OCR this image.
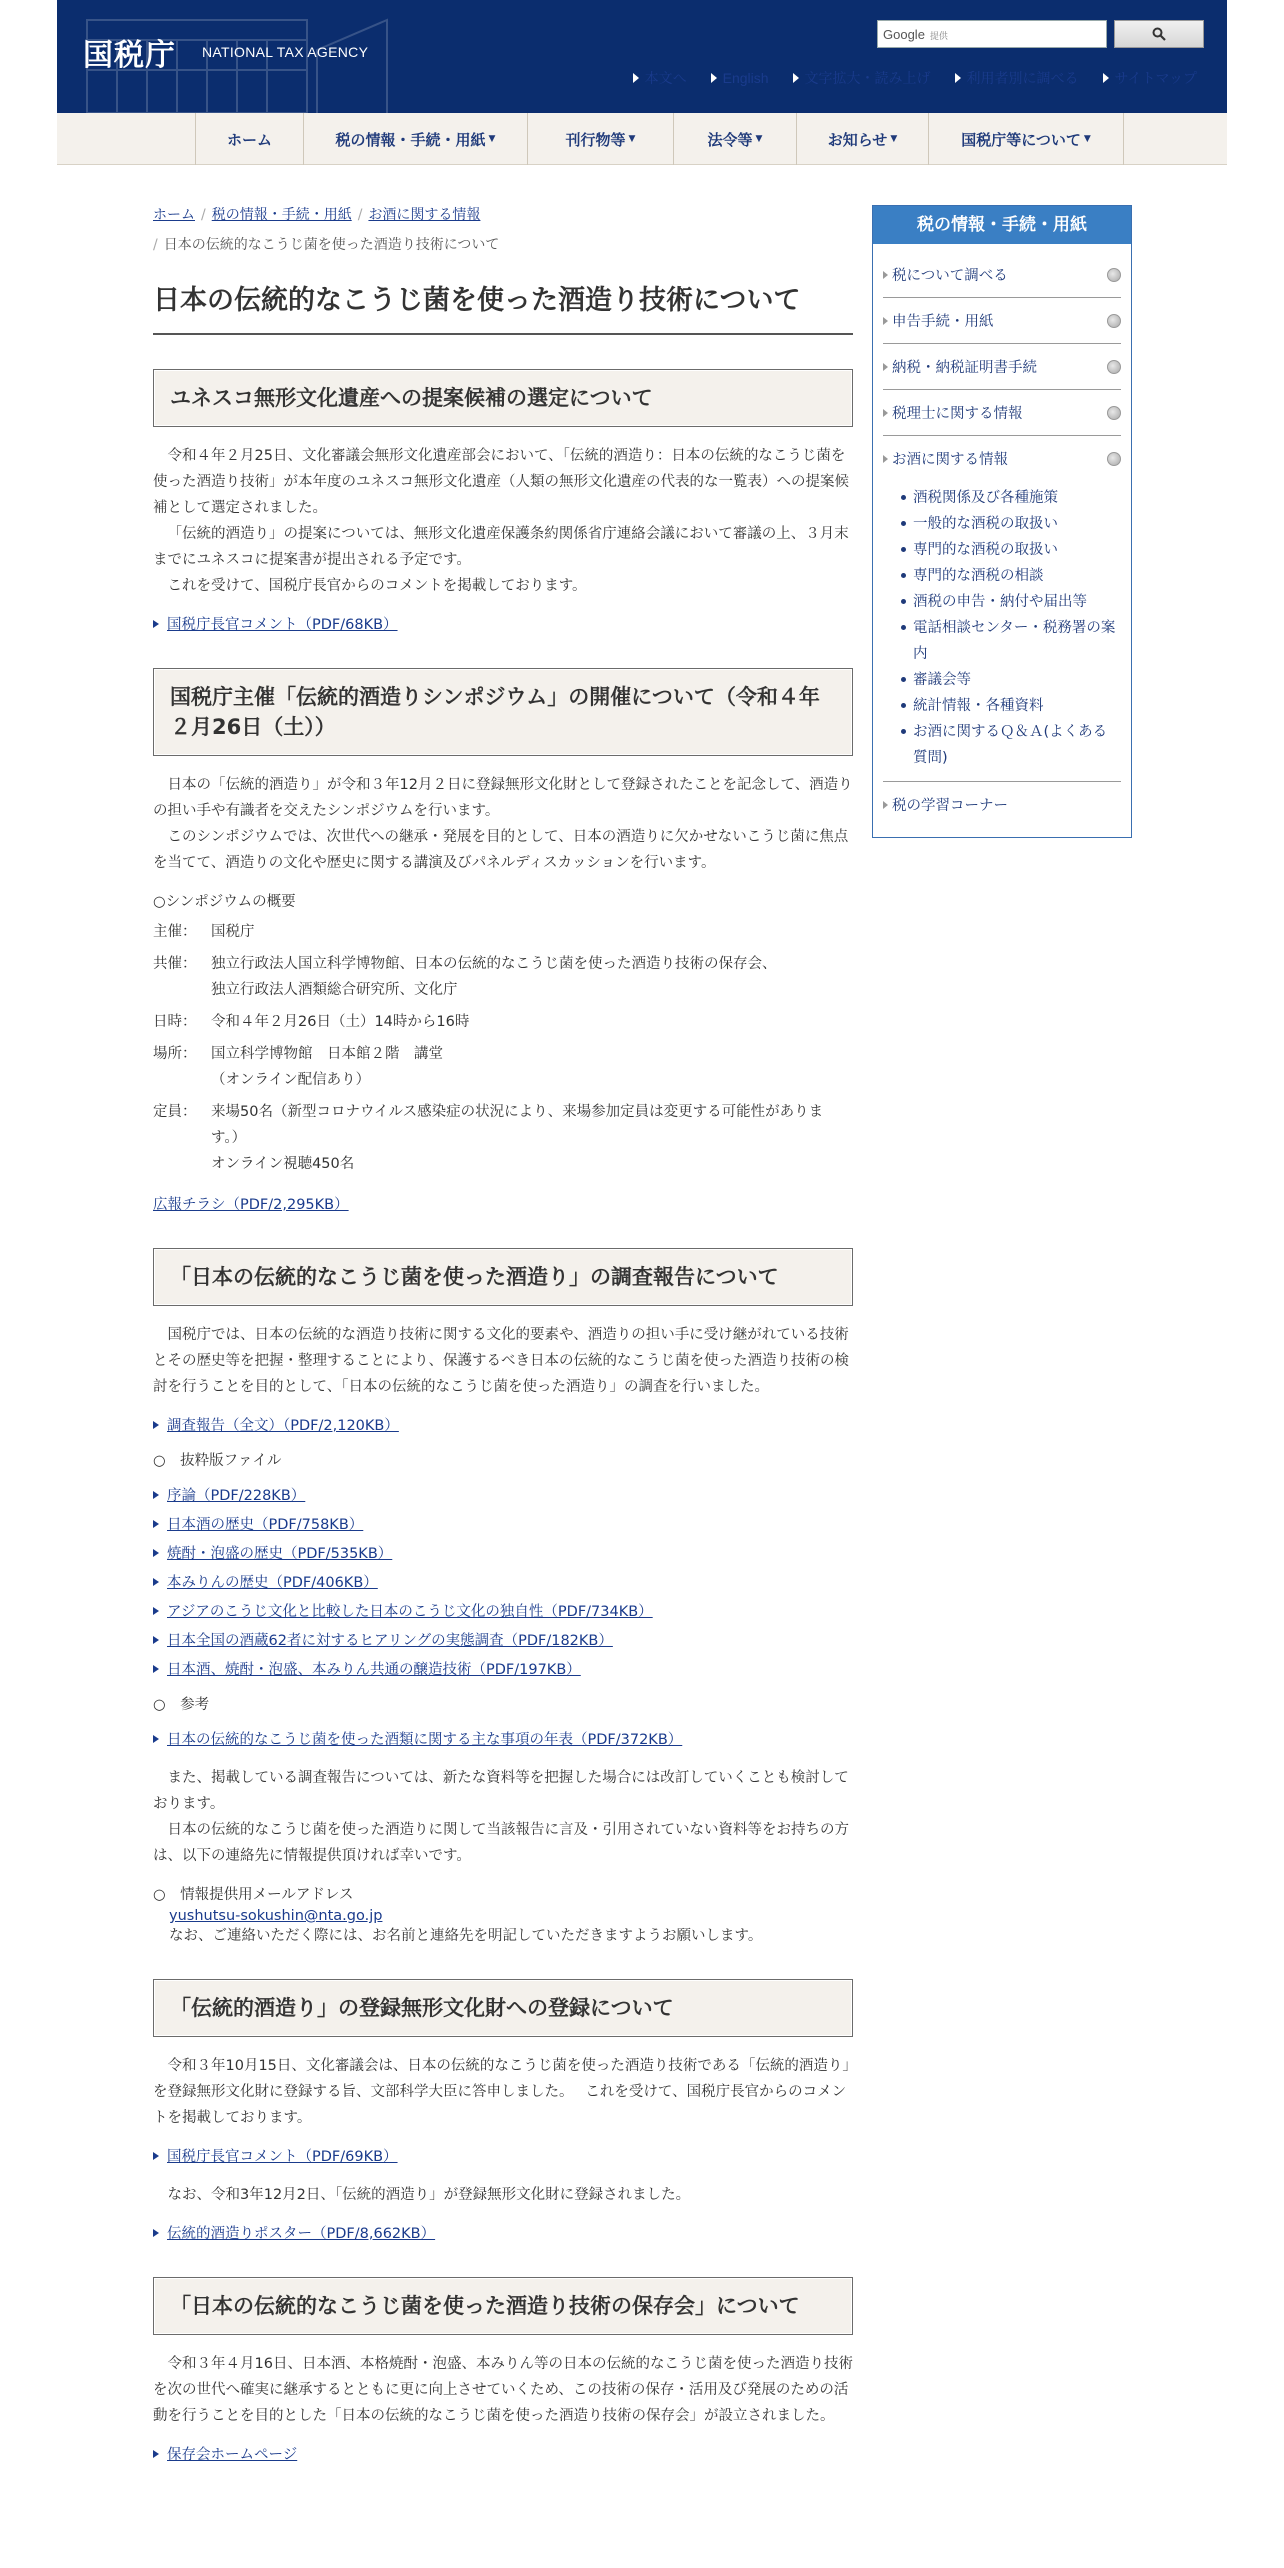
国税庁 NATIONAL TAX AGENCY
Google 提供
本文へ	English	文字拡大・読み上げ	利用者別に調べる	サイトマップ
ホーム	税の情報・手続・用紙 ▼	刊行物等 ▼	法令等 ▼	お知らせ ▼	国税庁等について ▼
ホーム / 税の情報・手続・用紙 / お酒に関する情報
/ 日本の伝統的なこうじ菌を使った酒造り技術について
日本の伝統的なこうじ菌を使った酒造り技術について
ユネスコ無形文化遺産への提案候補の選定について

令和４年２月25日、文化審議会無形文化遺産部会において、「伝統的酒造り：日本の伝統的なこうじ菌を使った酒造り技術」が本年度のユネスコ無形文化遺産（人類の無形文化遺産の代表的な一覧表）への提案候補として選定されました。

「伝統的酒造り」の提案については、無形文化遺産保護条約関係省庁連絡会議において審議の上、３月末までにユネスコに提案書が提出される予定です。

これを受けて、国税庁長官からのコメントを掲載しております。

国税庁長官コメント（PDF/68KB）
国税庁主催「伝統的酒造りシンポジウム」の開催について（令和４年２月26日（土））

日本の「伝統的酒造り」が令和３年12月２日に登録無形文化財として登録されたことを記念して、酒造りの担い手や有識者を交えたシンポジウムを行います。

このシンポジウムでは、次世代への継承・発展を目的として、日本の酒造りに欠かせないこうじ菌に焦点を当てて、酒造りの文化や歴史に関する講演及びパネルディスカッションを行います。

○シンポジウムの概要
主催：	国税庁
共催：	独立行政法人国立科学博物館、日本の伝統的なこうじ菌を使った酒造り技術の保存会、
独立行政法人酒類総合研究所、文化庁
日時：	令和４年２月26日（土）14時から16時
場所：	国立科学博物館　日本館２階　講堂
（オンライン配信あり）
定員：	来場50名（新型コロナウイルス感染症の状況により、来場参加定員は変更する可能性があります。）
オンライン視聴450名
広報チラシ（PDF/2,295KB）
「日本の伝統的なこうじ菌を使った酒造り」の調査報告について

国税庁では、日本の伝統的な酒造り技術に関する文化的要素や、酒造りの担い手に受け継がれている技術とその歴史等を把握・整理することにより、保護するべき日本の伝統的なこうじ菌を使った酒造り技術の検討を行うことを目的として、「日本の伝統的なこうじ菌を使った酒造り」の調査を行いました。

調査報告（全文）（PDF/2,120KB）
○　抜粋版ファイル
序論（PDF/228KB）
日本酒の歴史（PDF/758KB）
焼酎・泡盛の歴史（PDF/535KB）
本みりんの歴史（PDF/406KB）
アジアのこうじ文化と比較した日本のこうじ文化の独自性（PDF/734KB）
日本全国の酒蔵62者に対するヒアリングの実態調査（PDF/182KB）
日本酒、焼酎・泡盛、本みりん共通の醸造技術（PDF/197KB）
○　参考
日本の伝統的なこうじ菌を使った酒類に関する主な事項の年表（PDF/372KB）

また、掲載している調査報告については、新たな資料等を把握した場合には改訂していくことも検討しております。

日本の伝統的なこうじ菌を使った酒造りに関して当該報告に言及・引用されていない資料等をお持ちの方は、以下の連絡先に情報提供頂ければ幸いです。

○　情報提供用メールアドレス
yushutsu-sokushin@nta.go.jp
なお、ご連絡いただく際には、お名前と連絡先を明記していただきますようお願いします。
「伝統的酒造り」の登録無形文化財への登録について

令和３年10月15日、文化審議会は、日本の伝統的なこうじ菌を使った酒造り技術である「伝統的酒造り」を登録無形文化財に登録する旨、文部科学大臣に答申しました。　 これを受けて、国税庁長官からのコメントを掲載しております。

国税庁長官コメント（PDF/69KB）

なお、令和3年12月2日、「伝統的酒造り」が登録無形文化財に登録されました。

伝統的酒造りポスター（PDF/8,662KB）
「日本の伝統的なこうじ菌を使った酒造り技術の保存会」について

令和３年４月16日、日本酒、本格焼酎・泡盛、本みりん等の日本の伝統的なこうじ菌を使った酒造り技術を次の世代へ確実に継承するとともに更に向上させていくため、この技術の保存・活用及び発展のための活動を行うことを目的とした「日本の伝統的なこうじ菌を使った酒造り技術の保存会」が設立されました。

保存会ホームページ
税の情報・手続・用紙
税について調べる
申告手続・用紙
納税・納税証明書手続
税理士に関する情報
お酒に関する情報
酒税関係及び各種施策
一般的な酒税の取扱い
専門的な酒税の取扱い
専門的な酒税の相談
酒税の申告・納付や届出等
電話相談センター・税務署の案内
審議会等
統計情報・各種資料
お酒に関するＱ＆Ａ(よくある質問)
税の学習コーナー
